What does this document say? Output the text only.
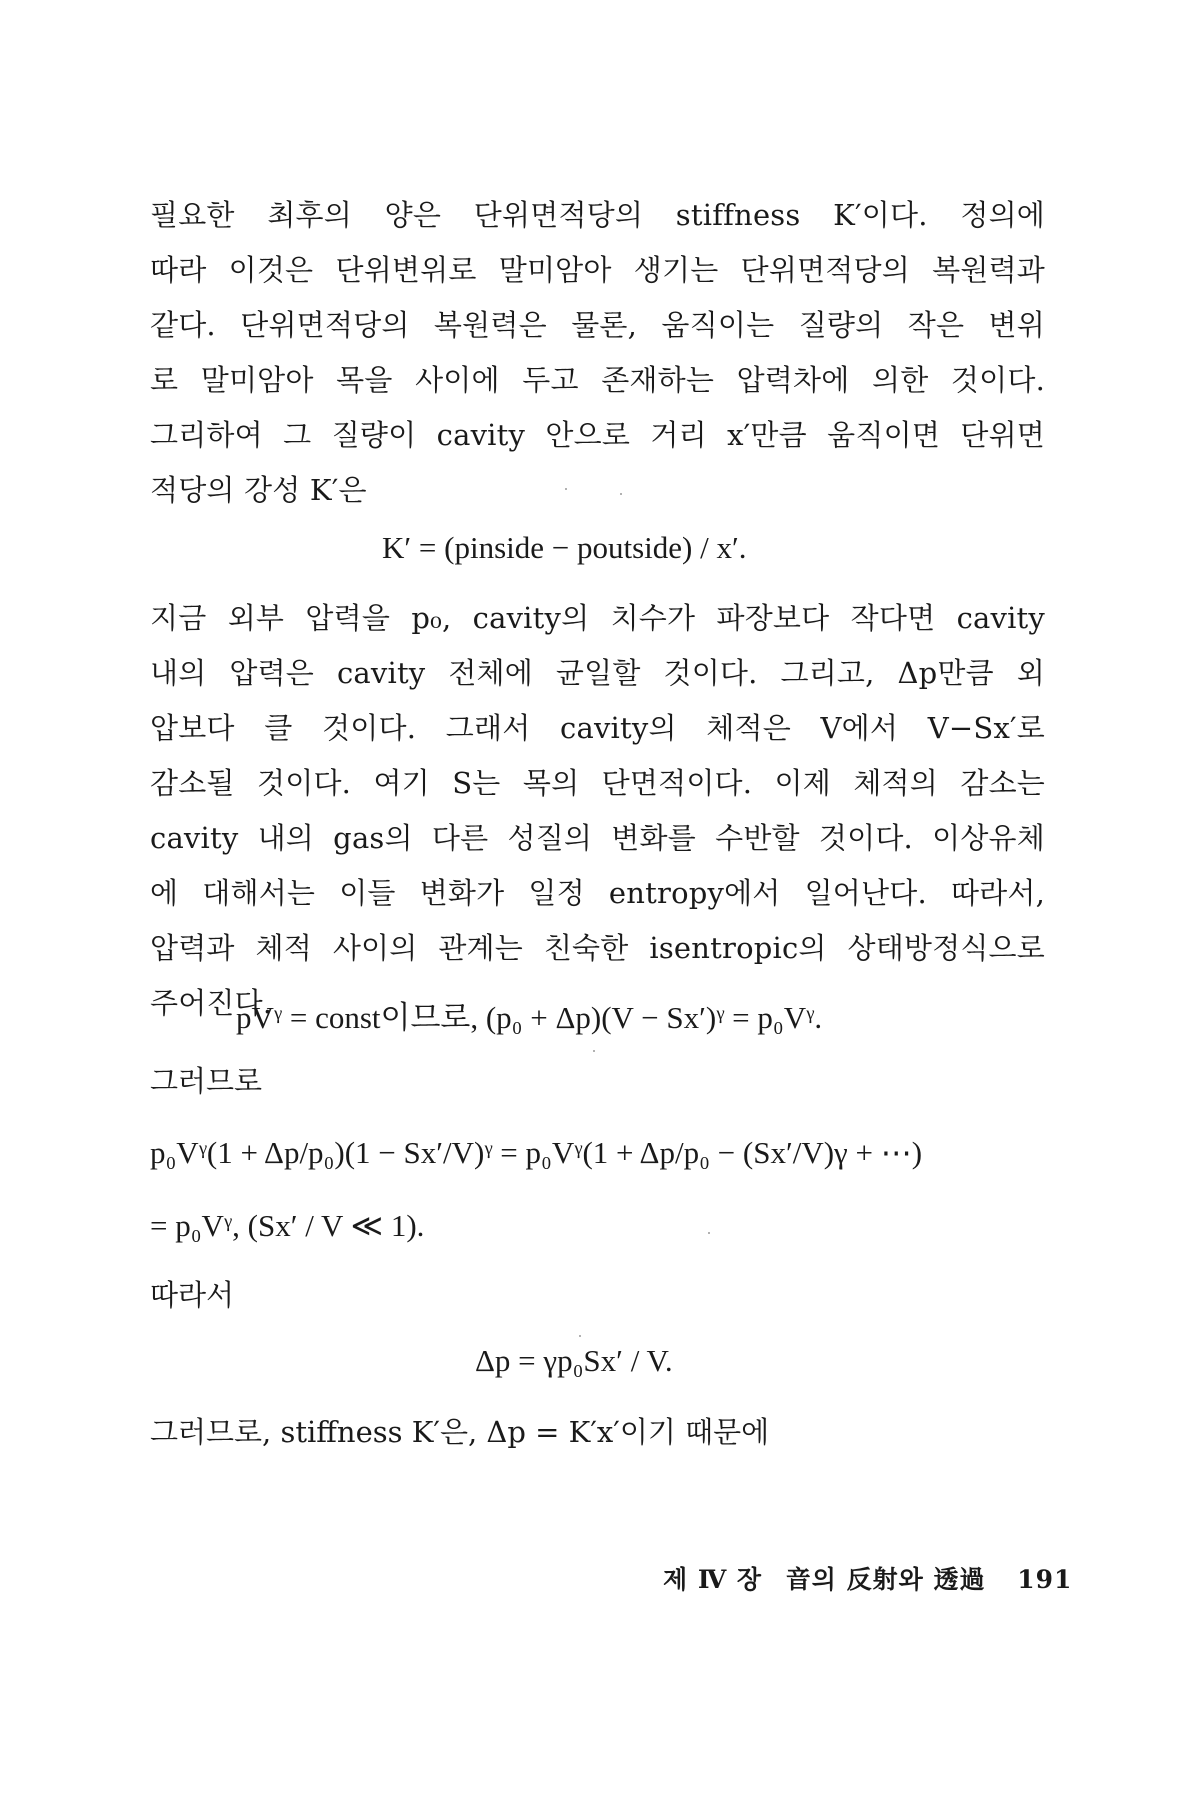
필요한 최후의 양은 단위면적당의 stiffness K′이다. 정의에
따라 이것은 단위변위로 말미암아 생기는 단위면적당의 복원력과
같다. 단위면적당의 복원력은 물론, 움직이는 질량의 작은 변위
로 말미암아 목을 사이에 두고 존재하는 압력차에 의한 것이다.
그리하여 그 질량이 cavity 안으로 거리 x′만큼 움직이면 단위면
적당의 강성 K′은
K′ = (pinside − poutside) / x′.
지금 외부 압력을 p₀, cavity의 치수가 파장보다 작다면 cavity
내의 압력은 cavity 전체에 균일할 것이다. 그리고, Δp만큼 외
압보다 클 것이다. 그래서 cavity의 체적은 V에서 V−Sx′로
감소될 것이다. 여기 S는 목의 단면적이다. 이제 체적의 감소는
cavity 내의 gas의 다른 성질의 변화를 수반할 것이다. 이상유체
에 대해서는 이들 변화가 일정 entropy에서 일어난다. 따라서,
압력과 체적 사이의 관계는 친숙한 isentropic의 상태방정식으로
주어진다.
pVᵞ = const이므로, (p₀ + Δp)(V − Sx′)ᵞ = p₀Vᵞ.
그러므로
p₀Vᵞ(1 + Δp/p₀)(1 − Sx′/V)ᵞ = p₀Vᵞ(1 + Δp/p₀ − (Sx′/V)γ + ⋯)
= p₀Vᵞ, (Sx′ / V ≪ 1).
따라서
Δp = γp₀Sx′ / V.
그러므로, stiffness K′은, Δp = K′x′이기 때문에
제 Ⅳ 장 音의 反射와 透過 191
